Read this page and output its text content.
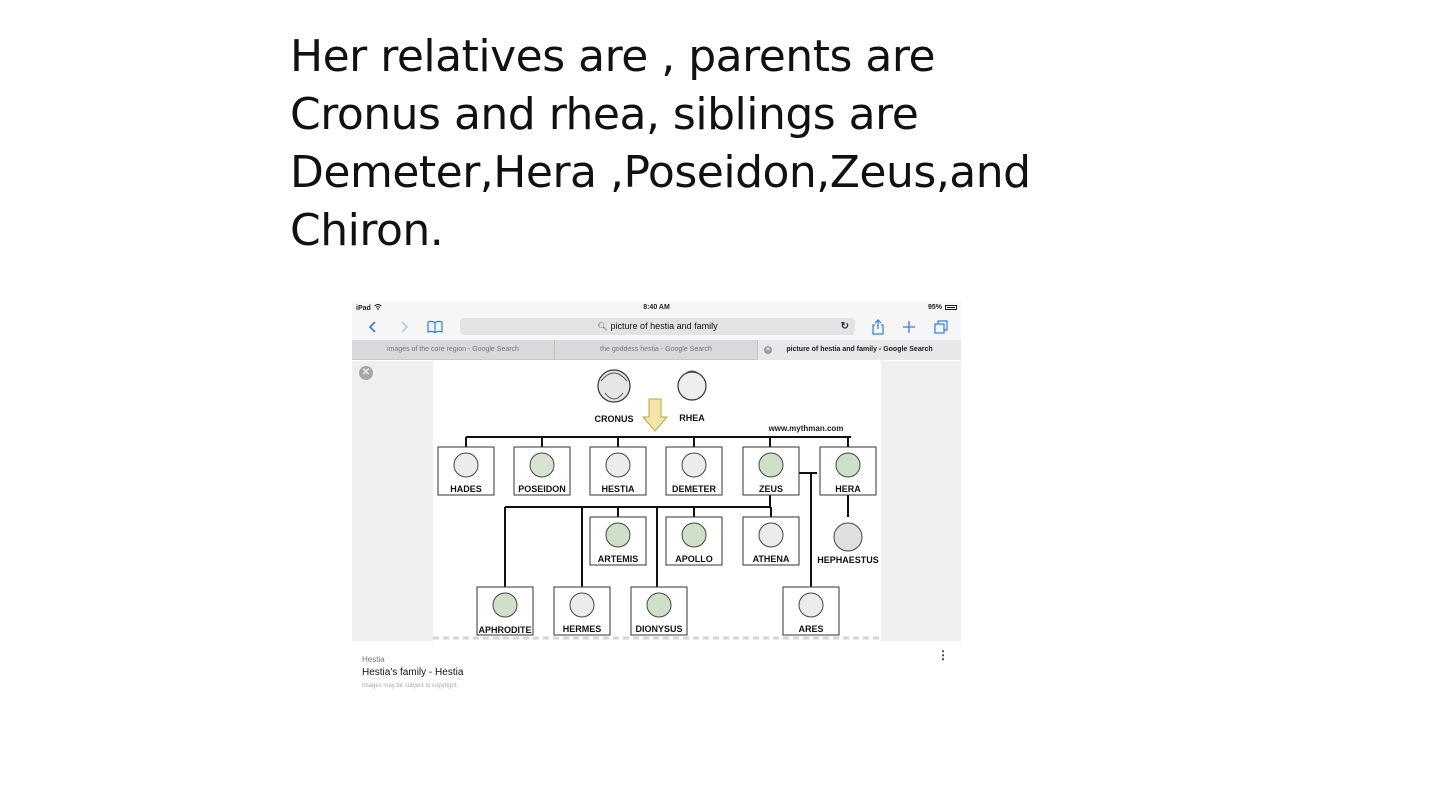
Her relatives are , parents are
Cronus and rhea, siblings are
Demeter,Hera ,Poseidon,Zeus,and
Chiron.
iPad	8:40 AM	95%
🔍︎ picture of hestia and family	↻
images of the core region - Google Search	the goddess hestia - Google Search	✕ picture of hestia and family - Google Search
✕
CRONUS	RHEA
www.mythman.com
HADES	POSEIDON	HESTIA	DEMETER	ZEUS	HERA
ARTEMIS	APOLLO	ATHENA	HEPHAESTUS
APHRODITE	HERMES	DIONYSUS	ARES
Hestia
Hestia's family - Hestia
Images may be subject to copyright.
⋮
